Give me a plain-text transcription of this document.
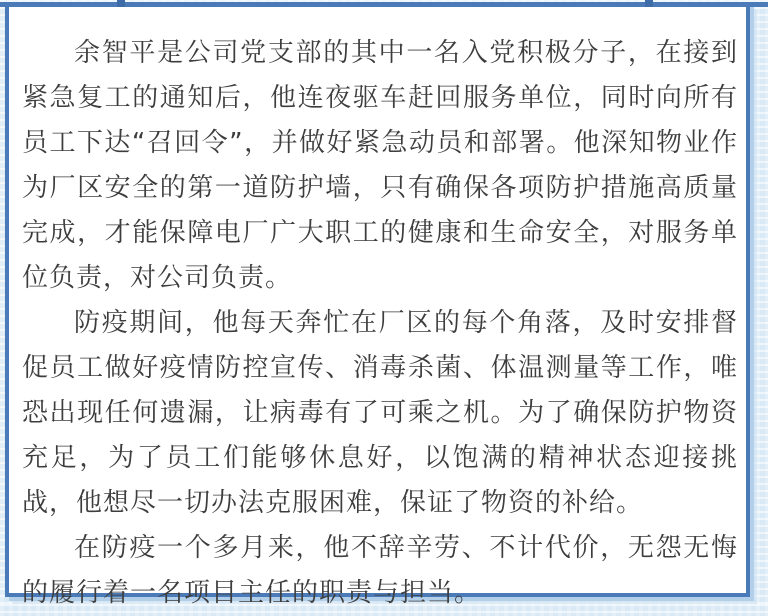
余智平是公司党支部的其中一名入党积极分子，在接到紧急复工的通知后，他连夜驱车赶回服务单位，同时向所有员工下达“召回令”，并做好紧急动员和部署。他深知物业作为厂区安全的第一道防护墙，只有确保各项防护措施高质量完成，才能保障电厂广大职工的健康和生命安全，对服务单位负责，对公司负责。

防疫期间，他每天奔忙在厂区的每个角落，及时安排督促员工做好疫情防控宣传、消毒杀菌、体温测量等工作，唯恐出现任何遗漏，让病毒有了可乘之机。为了确保防护物资充足，为了员工们能够休息好，以饱满的精神状态迎接挑战，他想尽一切办法克服困难，保证了物资的补给。

在防疫一个多月来，他不辞辛劳、不计代价，无怨无悔的履行着一名项目主任的职责与担当。
